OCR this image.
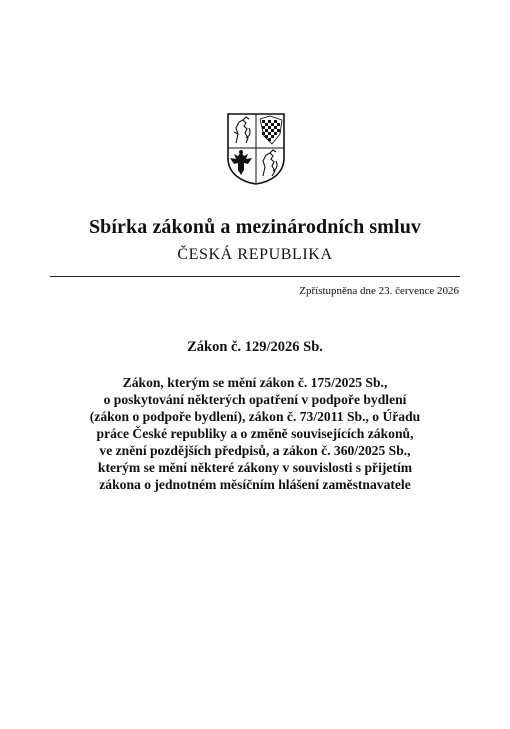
Sbírka zákonů a mezinárodních smluv
ČESKÁ REPUBLIKA
Zpřístupněna dne 23. července 2026
Zákon č. 129/2026 Sb.
Zákon, kterým se mění zákon č. 175/2025 Sb.,
o poskytování některých opatření v podpoře bydlení
(zákon o podpoře bydlení), zákon č. 73/2011 Sb., o Úřadu
práce České republiky a o změně souvisejících zákonů,
ve znění pozdějších předpisů, a zákon č. 360/2025 Sb.,
kterým se mění některé zákony v souvislosti s přijetím
zákona o jednotném měsíčním hlášení zaměstnavatele
